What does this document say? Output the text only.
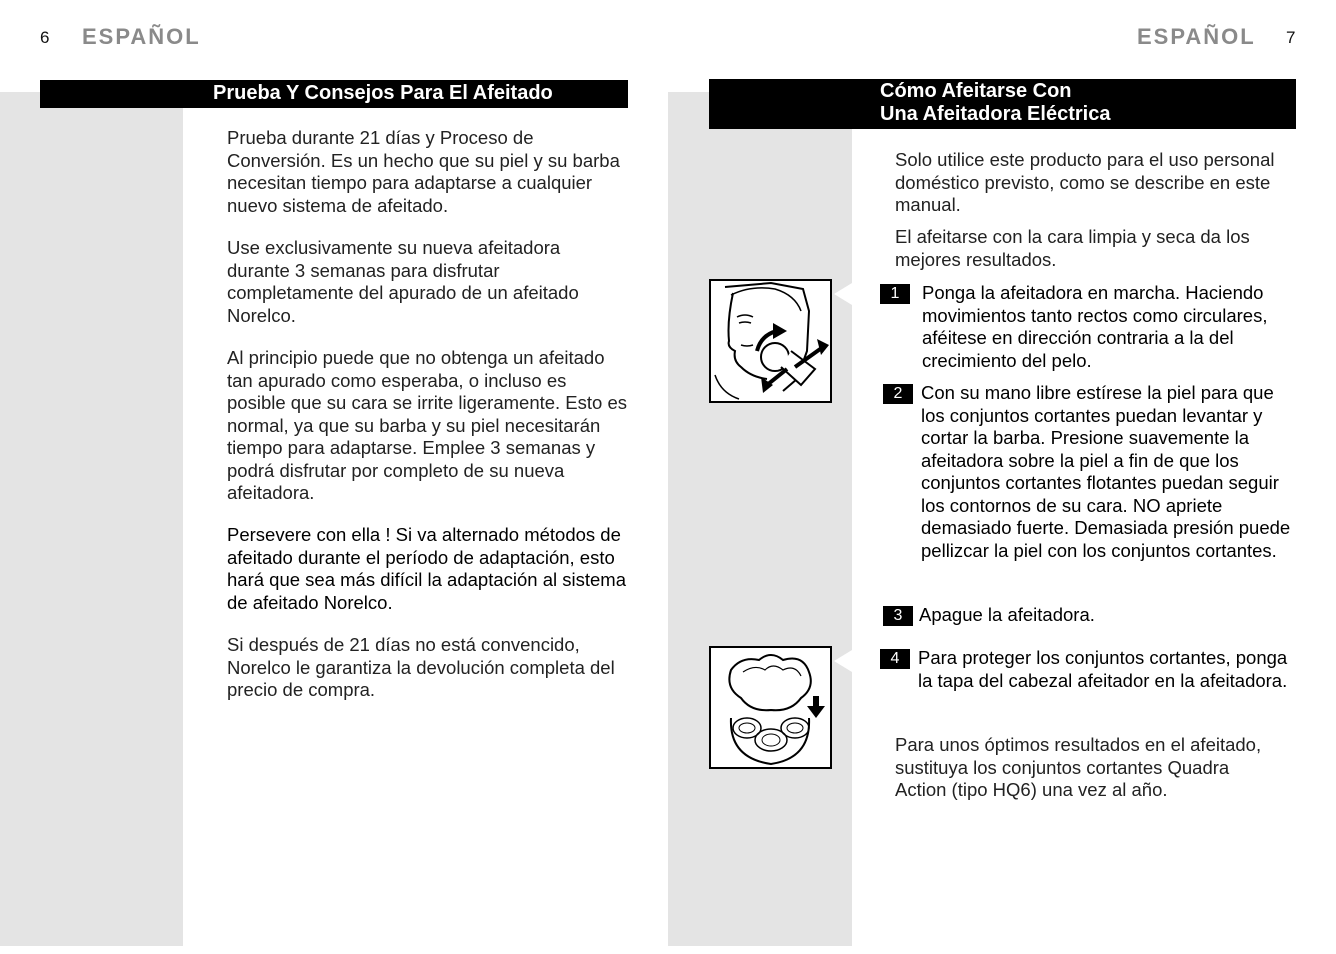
6 ESPAÑOL
Prueba Y Consejos Para El Afeitado

Prueba durante 21 días y Proceso de Conversión. Es un hecho que su piel y su barba necesitan tiempo para adaptarse a cualquier nuevo sistema de afeitado.

Use exclusivamente su nueva afeitadora durante 3 semanas para disfrutar completamente del apurado de un afeitado Norelco.

Al principio puede que no obtenga un afeitado tan apurado como esperaba, o incluso es posible que su cara se irrite ligeramente. Esto es normal, ya que su barba y su piel necesitarán tiempo para adaptarse. Emplee 3 semanas y podrá disfrutar por completo de su nueva afeitadora.

Persevere con ella ! Si va alternado métodos de afeitado durante el período de adaptación, esto hará que sea más difícil la adaptación al sistema de afeitado Norelco.

Si después de 21 días no está convencido, Norelco le garantiza la devolución completa del precio de compra.

ESPAÑOL 7
Cómo Afeitarse Con
Una Afeitadora Eléctrica

Solo utilice este producto para el uso personal doméstico previsto, como se describe en este manual.

El afeitarse con la cara limpia y seca da los mejores resultados.

1	Ponga la afeitadora en marcha. Haciendo movimientos tanto rectos como circulares, aféitese en dirección contraria a la del crecimiento del pelo.

2	Con su mano libre estírese la piel para que los conjuntos cortantes puedan levantar y cortar la barba. Presione suavemente la afeitadora sobre la piel a fin de que los conjuntos cortantes flotantes puedan seguir los contornos de su cara. NO apriete demasiado fuerte. Demasiada presión puede pellizcar la piel con los conjuntos cortantes.

3 Apague la afeitadora.

4	Para proteger los conjuntos cortantes, ponga la tapa del cabezal afeitador en la afeitadora.

Para unos óptimos resultados en el afeitado, sustituya los conjuntos cortantes Quadra Action (tipo HQ6) una vez al año.
